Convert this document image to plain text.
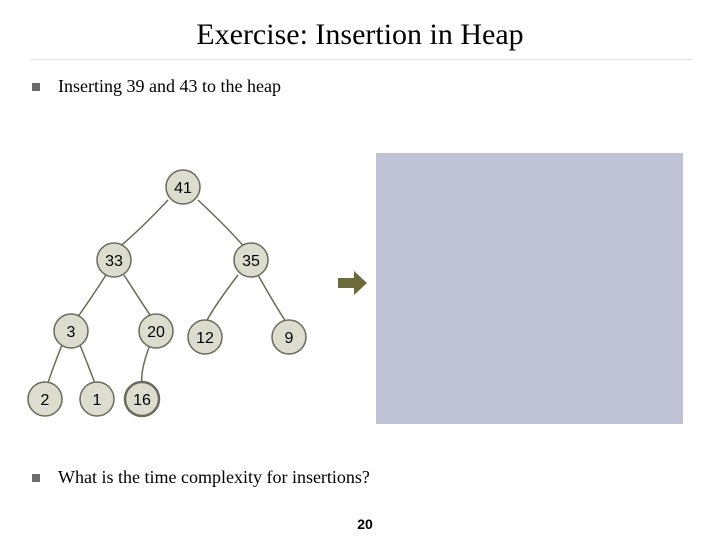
Exercise: Insertion in Heap
Inserting 39 and 43 to the heap
41
33	35
3	20 12	9
2	1 16
What is the time complexity for insertions?
20
